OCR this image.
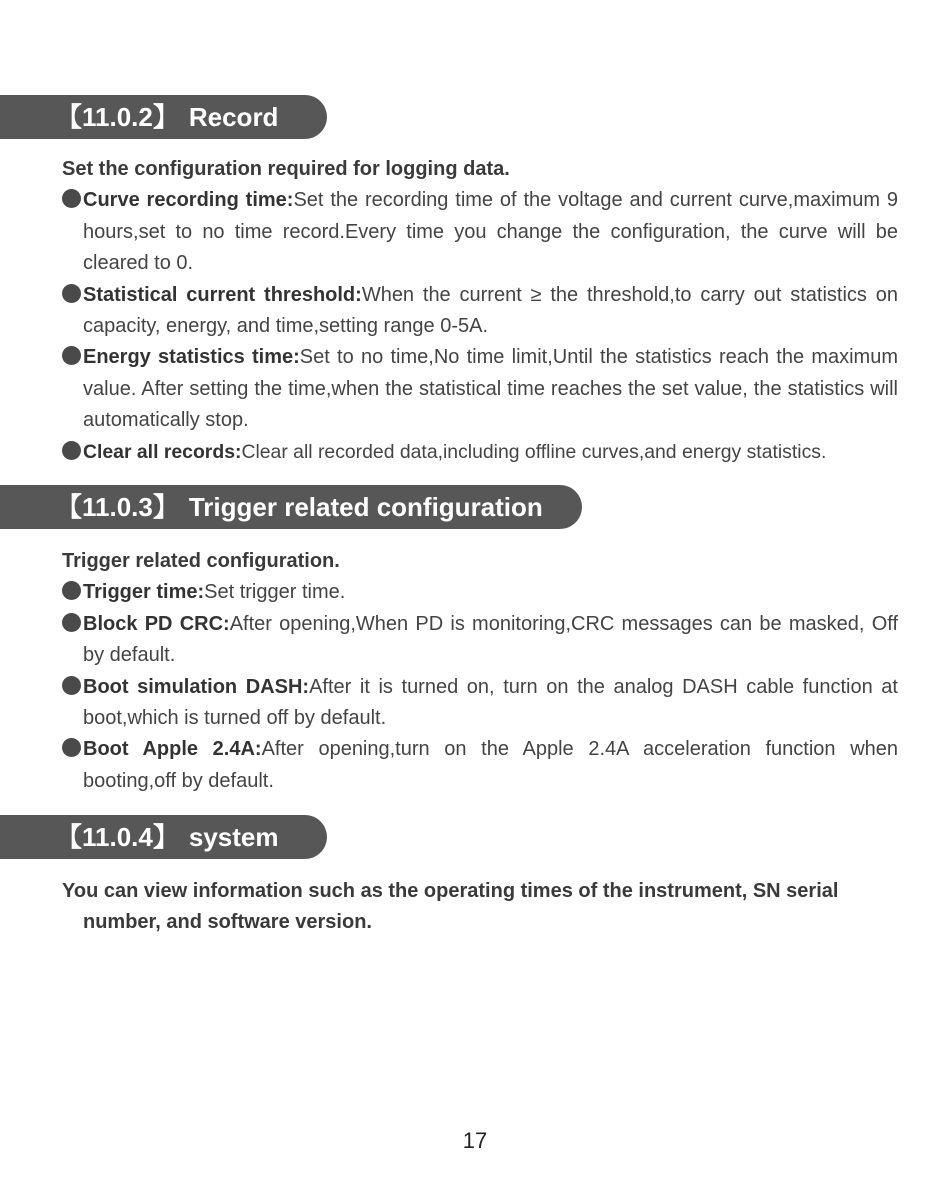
【11.0.2】 Record

Set the configuration required for logging data.

Curve recording time:Set the recording time of the voltage and current curve,maximum 9 hours,set to no time record.Every time you change the configuration, the curve will be cleared to 0.

Statistical current threshold:When the current ≥ the threshold,to carry out statistics on capacity, energy, and time,setting range 0-5A.

Energy statistics time:Set to no time,No time limit,Until the statistics reach the maximum value. After setting the time,when the statistical time reaches the set value, the statistics will automatically stop.

Clear all records:Clear all recorded data,including offline curves,and energy statistics.

【11.0.3】 Trigger related configuration

Trigger related configuration.

Trigger time:Set trigger time.

Block PD CRC:After opening,When PD is monitoring,CRC messages can be masked, Off by default.

Boot simulation DASH:After it is turned on, turn on the analog DASH cable function at boot,which is turned off by default.

Boot Apple 2.4A:After opening,turn on the Apple 2.4A acceleration function when booting,off by default.

【11.0.4】 system

You can view information such as the operating times of the instrument, SN serial number, and software version.

17
